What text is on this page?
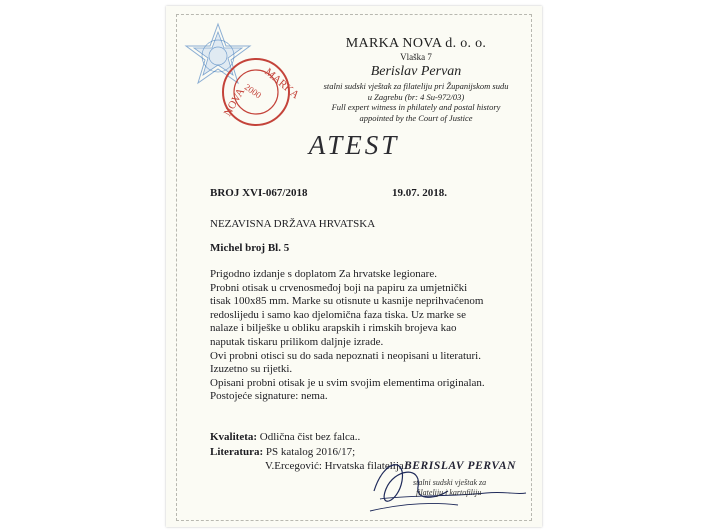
MARKA
2000
NOVA
MARKA NOVA d. o. o.
Vlaška 7
Berislav Pervan
stalni sudski vještak za filateliju pri Županijskom sudu
u Zagrebu (br: 4 Su-972/03)
Full expert witness in philately and postal history
appointed by the Court of Justice
ATEST
BROJ XVI-067/2018	19.07. 2018.
NEZAVISNA DRŽAVA HRVATSKA
Michel broj Bl. 5
Prigodno izdanje s doplatom Za hrvatske legionare.
Probni otisak u crvenosmeđoj boji na papiru za umjetnički
tisak 100x85 mm. Marke su otisnute u kasnije neprihvaćenom
redoslijedu i samo kao djelomična faza tiska. Uz marke se
nalaze i bilješke u obliku arapskih i rimskih brojeva kao
naputak tiskaru prilikom daljnje izrade.
Ovi probni otisci su do sada nepoznati i neopisani u literaturi.
Izuzetno su rijetki.
Opisani probni otisak je u svim svojim elementima originalan.
Postojeće signature: nema.
Kvaliteta: Odlična čist bez falca..
Literatura: PS katalog 2016/17;
V.Ercegović: Hrvatska filatelija BERISLAV PERVAN
stalni sudski vještak za
filateliju i kartofiliju
